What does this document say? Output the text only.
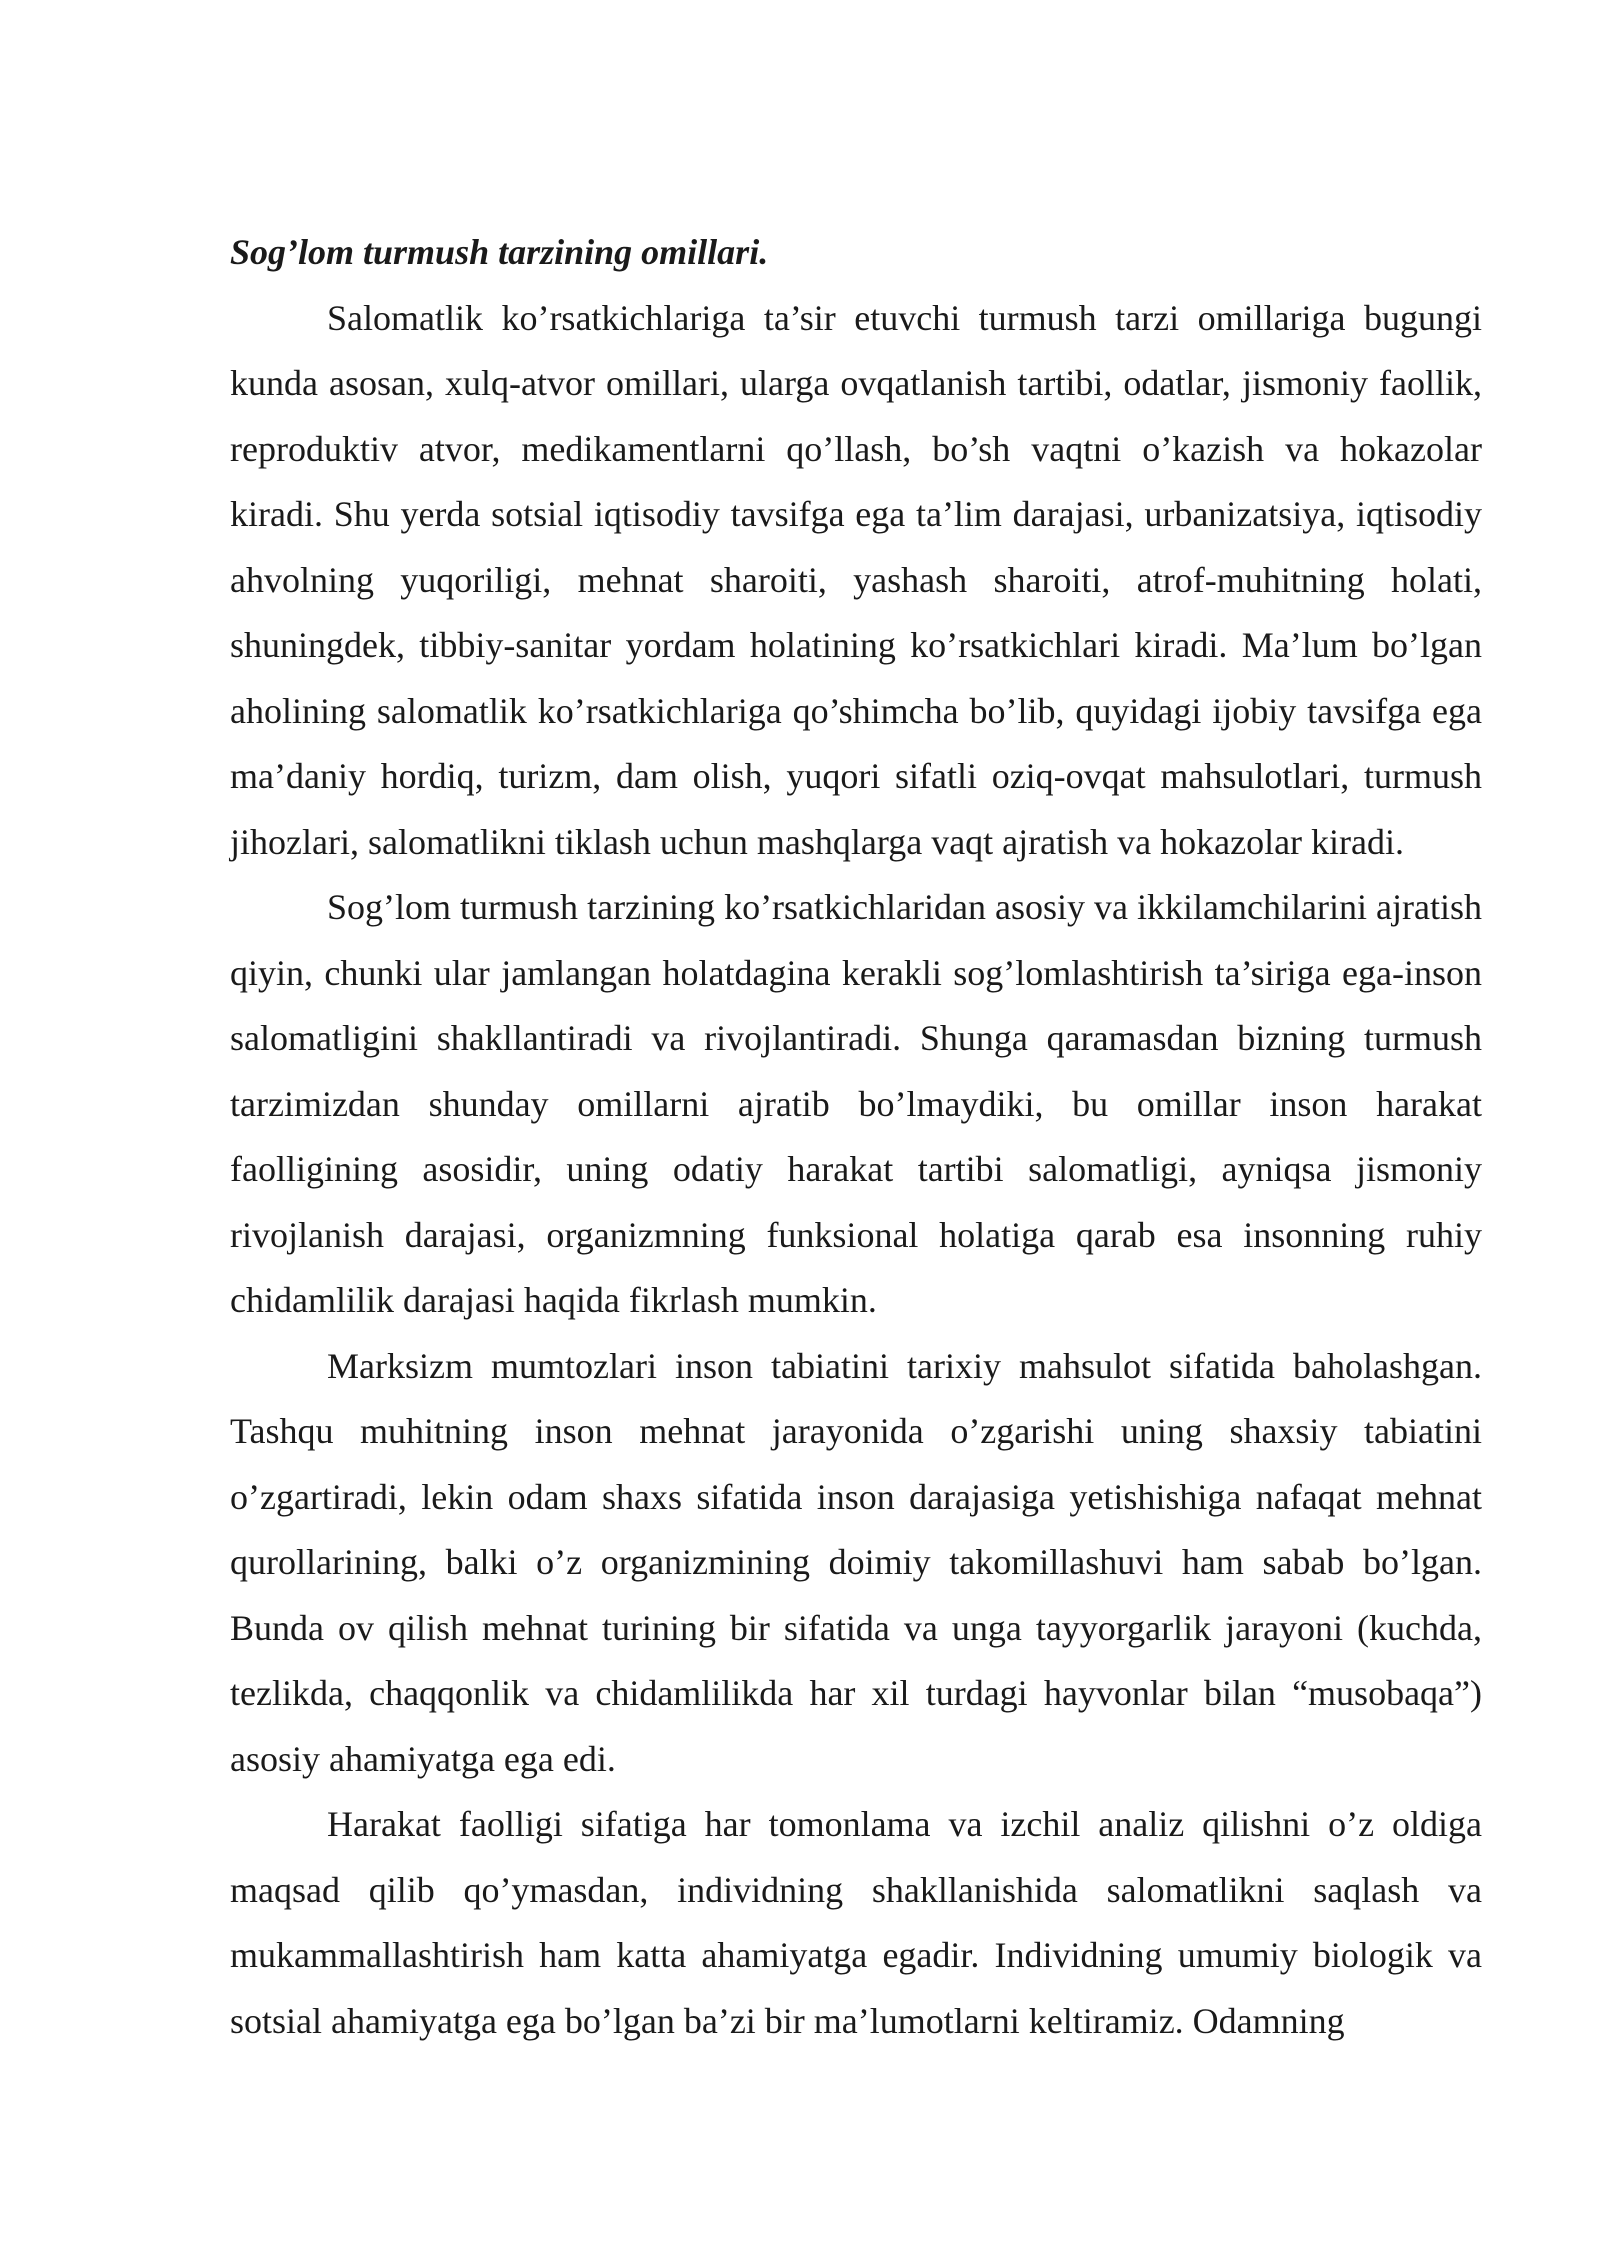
Sog’lom turmush tarzining omillari.

Salomatlik ko’rsatkichlariga ta’sir etuvchi turmush tarzi omillariga bugungi kunda asosan, xulq-atvor omillari, ularga ovqatlanish tartibi, odatlar, jismoniy faollik, reproduktiv atvor, medikamentlarni qo’llash, bo’sh vaqtni o’kazish va hokazolar kiradi. Shu yerda sotsial iqtisodiy tavsifga ega ta’lim darajasi, urbanizatsiya, iqtisodiy ahvolning yuqoriligi, mehnat sharoiti, yashash sharoiti, atrof-muhitning holati, shuningdek, tibbiy-sanitar yordam holatining ko’rsatkichlari kiradi. Ma’lum bo’lgan aholining salomatlik ko’rsatkichlariga qo’shimcha bo’lib, quyidagi ijobiy tavsifga ega ma’daniy hordiq, turizm, dam olish, yuqori sifatli oziq-ovqat mahsulotlari, turmush jihozlari, salomatlikni tiklash uchun mashqlarga vaqt ajratish va hokazolar kiradi.

Sog’lom turmush tarzining ko’rsatkichlaridan asosiy va ikkilamchilarini ajratish qiyin, chunki ular jamlangan holatdagina kerakli sog’lomlashtirish ta’siriga ega-inson salomatligini shakllantiradi va rivojlantiradi. Shunga qaramasdan bizning turmush tarzimizdan shunday omillarni ajratib bo’lmaydiki, bu omillar inson harakat faolligining asosidir, uning odatiy harakat tartibi salomatligi, ayniqsa jismoniy rivojlanish darajasi, organizmning funksional holatiga qarab esa insonning ruhiy chidamlilik darajasi haqida fikrlash mumkin.

Marksizm mumtozlari inson tabiatini tarixiy mahsulot sifatida baholashgan. Tashqu muhitning inson mehnat jarayonida o’zgarishi uning shaxsiy tabiatini o’zgartiradi, lekin odam shaxs sifatida inson darajasiga yetishishiga nafaqat mehnat qurollarining, balki o’z organizmining doimiy takomillashuvi ham sabab bo’lgan. Bunda ov qilish mehnat turining bir sifatida va unga tayyorgarlik jarayoni (kuchda, tezlikda, chaqqonlik va chidamlilikda har xil turdagi hayvonlar bilan “musobaqa”) asosiy ahamiyatga ega edi.

Harakat faolligi sifatiga har tomonlama va izchil analiz qilishni o’z oldiga maqsad qilib qo’ymasdan, individning shakllanishida salomatlikni saqlash va mukammallashtirish ham katta ahamiyatga egadir. Individning umumiy biologik va sotsial ahamiyatga ega bo’lgan ba’zi bir ma’lumotlarni keltiramiz. Odamning
